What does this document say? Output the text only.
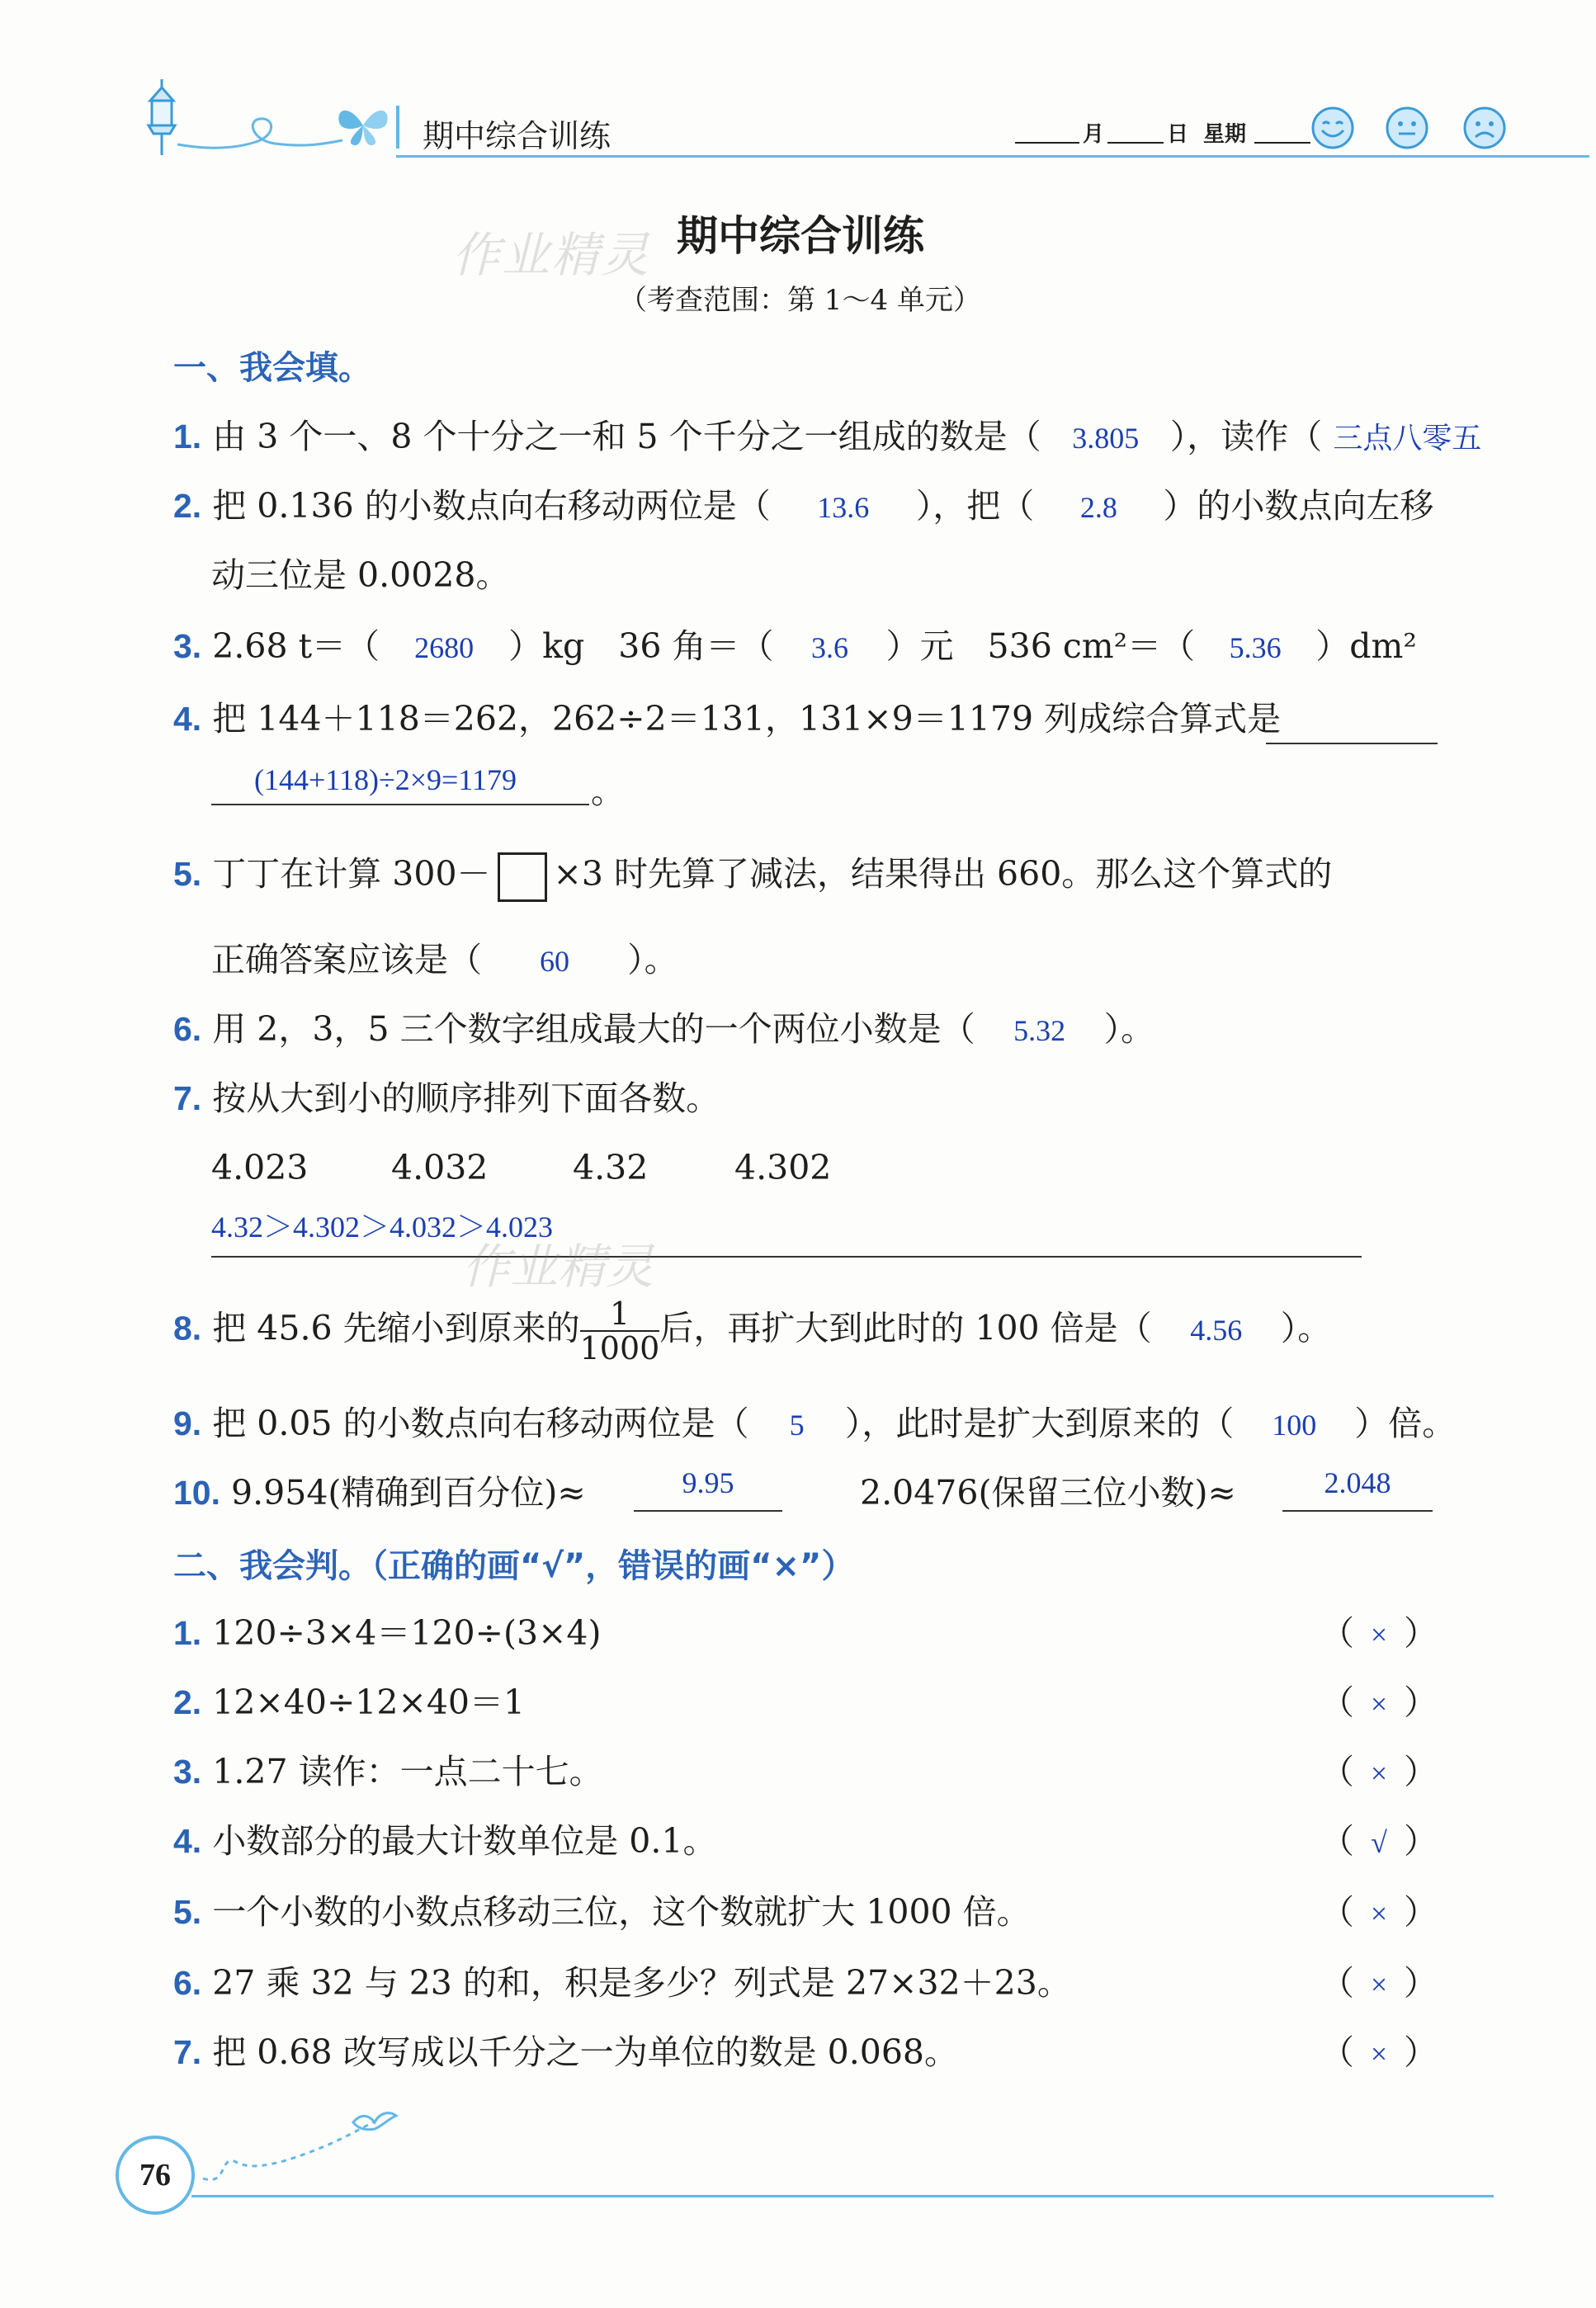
期中综合训练	月	日 星期
作业精灵 期中综合训练
（考查范围：第 1～4 单元）
一、我会填。
1. 由 3 个一、8 个十分之一和 5 个千分之一组成的数是（ 3.805 ），读作（ 三点八零五
2. 把 0.136 的小数点向右移动两位是（ 13.6 ），把（ 2.8 ）的小数点向左移
动三位是 0.0028。
3. 2.68 t＝（ 2680 ）kg　36 角＝（ 3.6 ）元　536 cm²＝（ 5.36 ）dm²
4. 把 144＋118＝262，262÷2＝131，131×9＝1179 列成综合算式是
(144+118)÷2×9=1179 。
5. 丁丁在计算 300－ ×3 时先算了减法，结果得出 660。那么这个算式的
正确答案应该是（ 60 ）。
6. 用 2，3，5 三个数字组成最大的一个两位小数是（ 5.32 ）。
7. 按从大到小的顺序排列下面各数。
4.023 4.032	4.32	4.302
4.32＞4.302＞4.032＞4.023
作业精灵
8. 把 45.6 先缩小到原来的 $\frac{1}{1000}$ 后，再扩大到此时的 100 倍是（ 4.56 ）。
9. 把 0.05 的小数点向右移动两位是（ 5 ），此时是扩大到原来的（ 100 ）倍。
10. 9.954(精确到百分位)≈	9.95	2.0476(保留三位小数)≈	2.048
二、我会判。（正确的画“√”，错误的画“×”）
1. 120÷3×4＝120÷(3×4)	（ × ）
2. 12×40÷12×40＝1	（ × ）
3. 1.27 读作：一点二十七。	（ × ）
4. 小数部分的最大计数单位是 0.1。	（ √ ）
5. 一个小数的小数点移动三位，这个数就扩大 1000 倍。	（ × ）
6. 27 乘 32 与 23 的和，积是多少？列式是 27×32＋23。	（ × ）
7. 把 0.68 改写成以千分之一为单位的数是 0.068。	（ × ）
76
